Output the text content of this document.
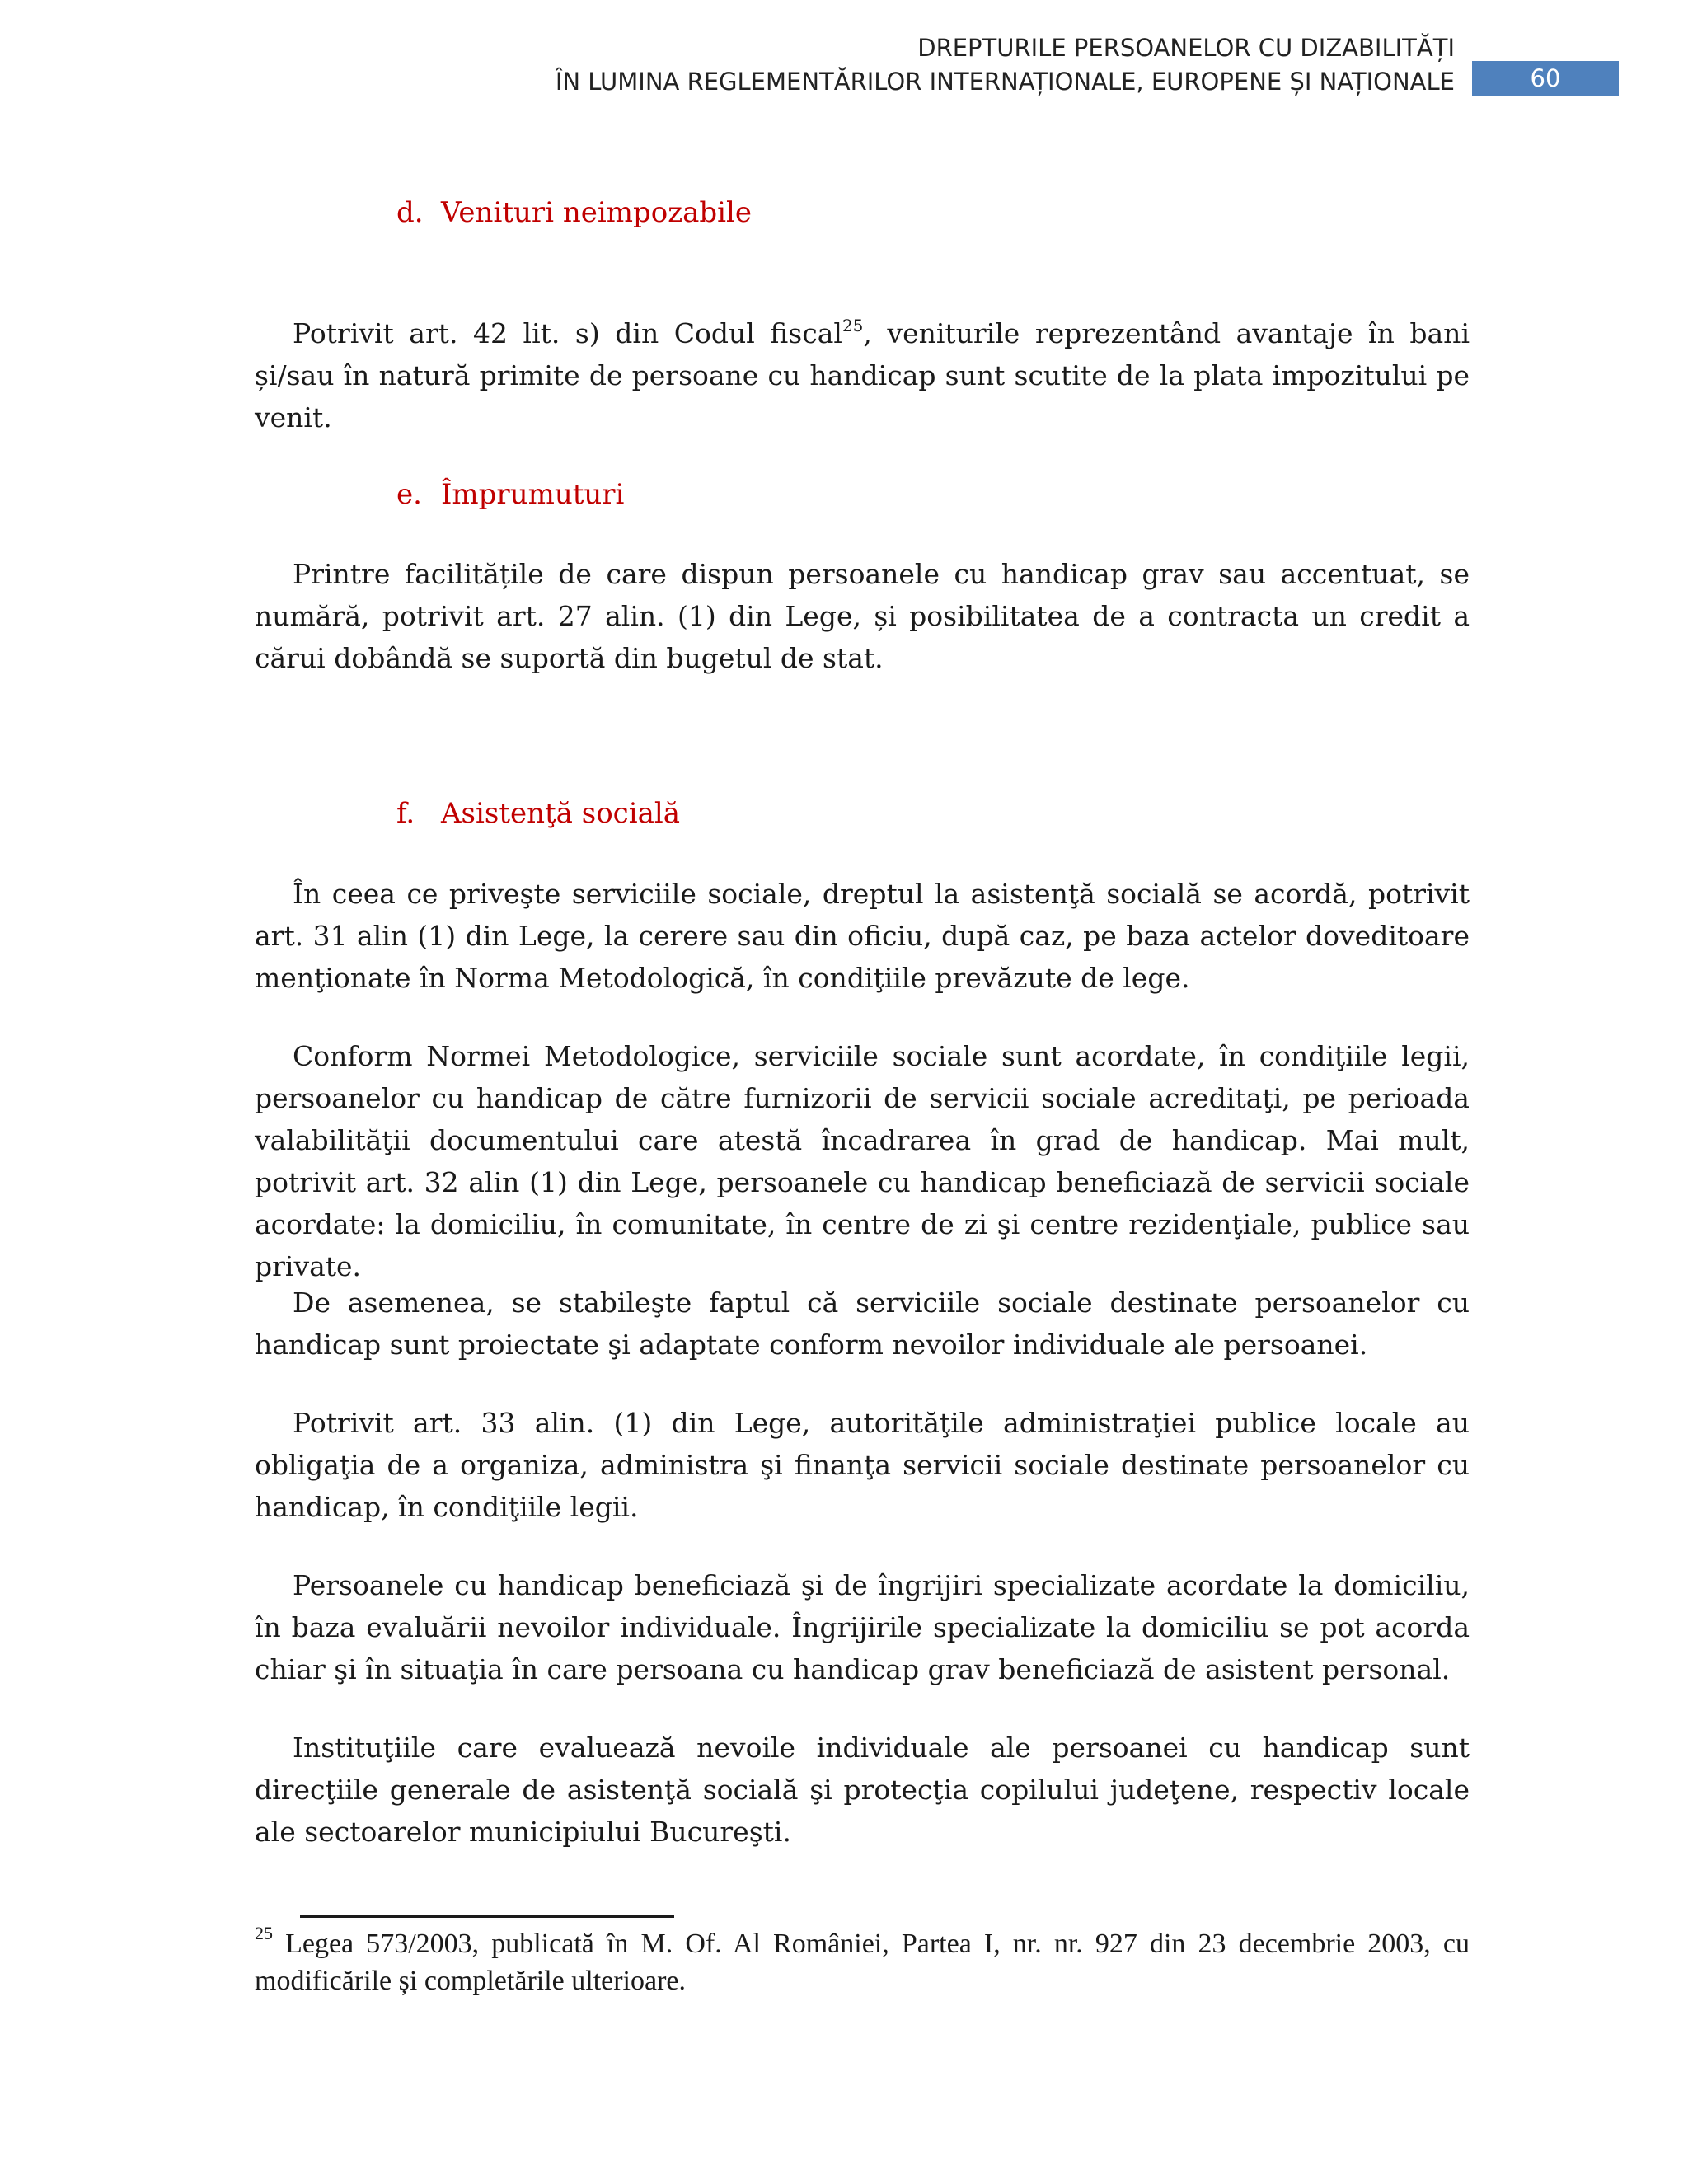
DREPTURILE PERSOANELOR CU DIZABILITĂȚI
ÎN LUMINA REGLEMENTĂRILOR INTERNAȚIONALE, EUROPENE ȘI NAȚIONALE	60
d. Venituri neimpozabile

Potrivit art. 42 lit. s) din Codul fiscal$^{25}$, veniturile reprezentând avantaje în bani și/sau în natură primite de persoane cu handicap sunt scutite de la plata impozitului pe venit.

e. Împrumuturi

Printre facilitățile de care dispun persoanele cu handicap grav sau accentuat, se numără, potrivit art. 27 alin. (1) din Lege, și posibilitatea de a contracta un credit a cărui dobândă se suportă din bugetul de stat.

f. Asistenţă socială

În ceea ce priveşte serviciile sociale, dreptul la asistenţă socială se acordă, potrivit art. 31 alin (1) din Lege, la cerere sau din oficiu, după caz, pe baza actelor doveditoare menţionate în Norma Metodologică, în condiţiile prevăzute de lege.

Conform Normei Metodologice, serviciile sociale sunt acordate, în condiţiile legii, persoanelor cu handicap de către furnizorii de servicii sociale acreditaţi, pe perioada valabilităţii documentului care atestă încadrarea în grad de handicap. Mai mult, potrivit art. 32 alin (1) din Lege, persoanele cu handicap beneficiază de servicii sociale acordate: la domiciliu, în comunitate, în centre de zi şi centre rezidenţiale, publice sau private.

De asemenea, se stabileşte faptul că serviciile sociale destinate persoanelor cu handicap sunt proiectate şi adaptate conform nevoilor individuale ale persoanei.

Potrivit art. 33 alin. (1) din Lege, autorităţile administraţiei publice locale au obligaţia de a organiza, administra şi finanţa servicii sociale destinate persoanelor cu handicap, în condiţiile legii.

Persoanele cu handicap beneficiază şi de îngrijiri specializate acordate la domiciliu, în baza evaluării nevoilor individuale. Îngrijirile specializate la domiciliu se pot acorda chiar şi în situaţia în care persoana cu handicap grav beneficiază de asistent personal.

Instituţiile care evaluează nevoile individuale ale persoanei cu handicap sunt direcţiile generale de asistenţă socială şi protecţia copilului judeţene, respectiv locale ale sectoarelor municipiului Bucureşti.

$^{25}$ Legea 573/2003, publicată în M. Of. Al României, Partea I, nr. nr. 927 din 23 decembrie 2003, cu modificările și completările ulterioare.
